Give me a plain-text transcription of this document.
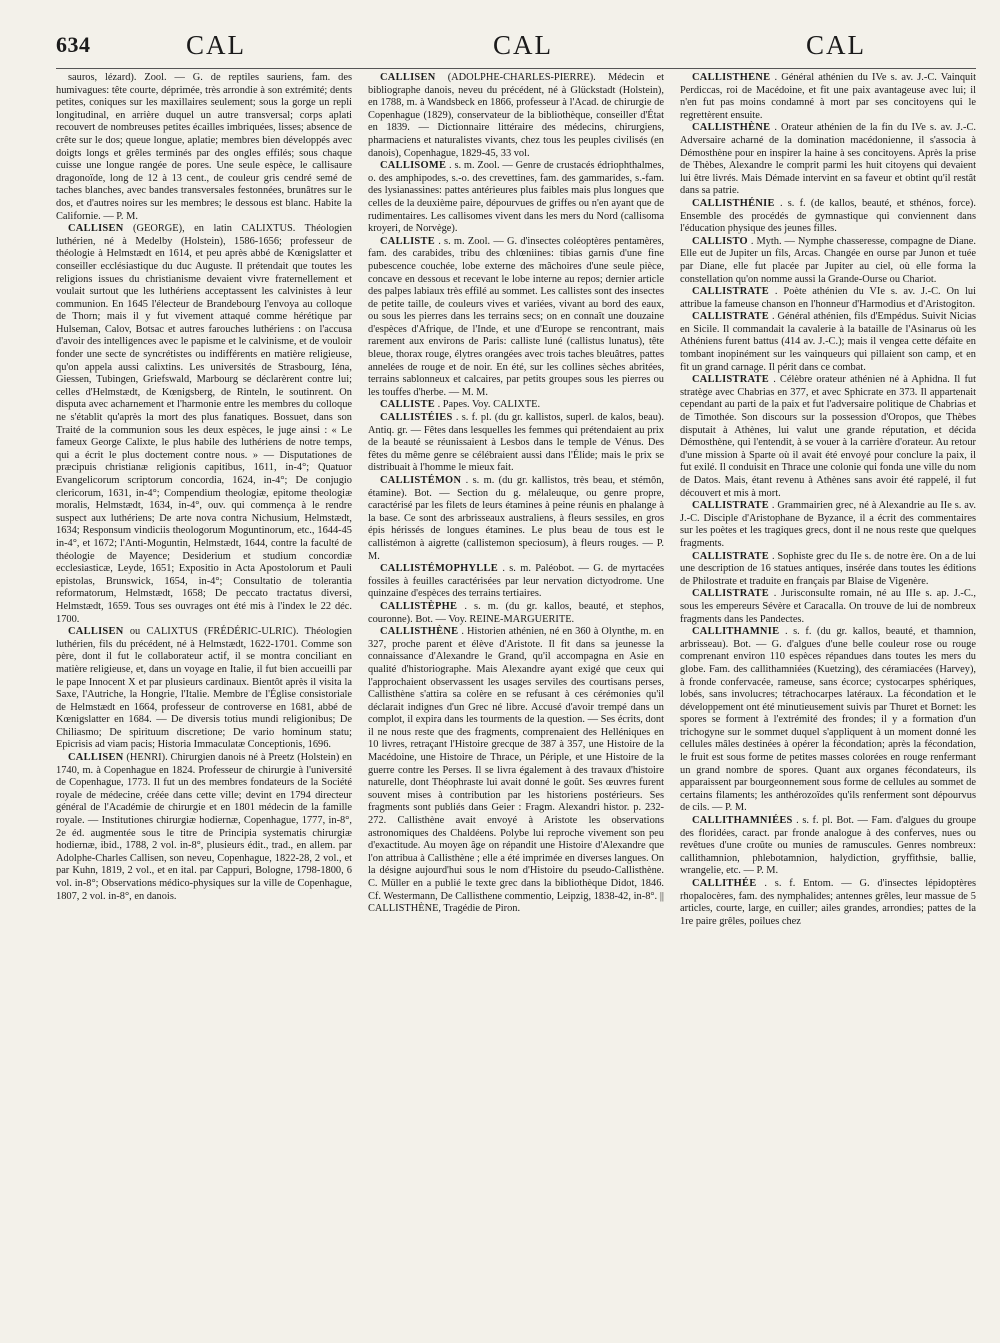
634	CAL	CAL	CAL

sauros, lézard). Zool. — G. de reptiles sauriens, fam. des humivagues: tête courte, déprimée, très arrondie à son extrémité; dents petites, coniques sur les maxillaires seulement; sous la gorge un repli longitudinal, en arrière duquel un autre transversal; corps aplati recouvert de nombreuses petites écailles imbriquées, lisses; absence de crête sur le dos; queue longue, aplatie; membres bien développés avec doigts longs et grêles terminés par des ongles effilés; sous chaque cuisse une longue rangée de pores. Une seule espèce, le callisaure dragonoïde, long de 12 à 13 cent., de couleur gris cendré semé de taches blanches, avec bandes transversales festonnées, brunâtres sur le dos, et d'autres noires sur les membres; le dessous est blanc. Habite la Californie. — P. M.

CALLISEN (GEORGE), en latin CALIXTUS. Théologien luthérien, né à Medelby (Holstein), 1586-1656; professeur de théologie à Helmstædt en 1614, et peu après abbé de Kœnigslatter et conseiller ecclésiastique du duc Auguste. Il prétendait que toutes les religions issues du christianisme devaient vivre fraternellement et voulait surtout que les luthériens acceptassent les calvinistes à leur communion. En 1645 l'électeur de Brandebourg l'envoya au colloque de Thorn; mais il y fut vivement attaqué comme hérétique par Hulseman, Calov, Botsac et autres farouches luthériens : on l'accusa d'avoir des intelligences avec le papisme et le calvinisme, et de vouloir fonder une secte de syncrétistes ou indifférents en matière religieuse, qu'on appela aussi calixtins. Les universités de Strasbourg, Iéna, Giessen, Tubingen, Griefswald, Marbourg se déclarèrent contre lui; celles d'Helmstædt, de Kœnigsberg, de Rinteln, le soutinrent. On disputa avec acharnement et l'harmonie entre les membres du colloque ne s'établit qu'après la mort des plus fanatiques. Bossuet, dans son Traité de la communion sous les deux espèces, le juge ainsi : « Le fameux George Calixte, le plus habile des luthériens de notre temps, qui a écrit le plus doctement contre nous. » — Disputationes de præcipuis christianæ religionis capitibus, 1611, in-4°; Quatuor Evangelicorum scriptorum concordia, 1624, in-4°; De conjugio clericorum, 1631, in-4°; Compendium theologiæ, epitome theologiæ moralis, Helmstædt, 1634, in-4°, ouv. qui commença à le rendre suspect aux luthériens; De arte nova contra Nichusium, Helmstædt, 1634; Responsum vindiciis theologorum Moguntinorum, etc., 1644-45 in-4°, et 1672; l'Anti-Moguntin, Helmstædt, 1644, contre la faculté de théologie de Mayence; Desiderium et studium concordiæ ecclesiasticæ, Leyde, 1651; Expositio in Acta Apostolorum et Pauli epistolas, Brunswick, 1654, in-4°; Consultatio de tolerantia reformatorum, Helmstædt, 1658; De peccato tractatus diversi, Helmstædt, 1659. Tous ses ouvrages ont été mis à l'index le 22 déc. 1700.

CALLISEN ou CALIXTUS (FRÉDÉRIC-ULRIC). Théologien luthérien, fils du précédent, né à Helmstædt, 1622-1701. Comme son père, dont il fut le collaborateur actif, il se montra conciliant en matière religieuse, et, dans un voyage en Italie, il fut bien accueilli par le pape Innocent X et par plusieurs cardinaux. Bientôt après il visita la Saxe, l'Autriche, la Hongrie, l'Italie. Membre de l'Église consistoriale de Helmstædt en 1664, professeur de controverse en 1681, abbé de Kœnigslatter en 1684. — De diversis totius mundi religionibus; De Chiliasmo; De spirituum discretione; De vario hominum statu; Epicrisis ad viam pacis; Historia Immaculatæ Conceptionis, 1696.

CALLISEN (HENRI). Chirurgien danois né à Preetz (Holstein) en 1740, m. à Copenhague en 1824. Professeur de chirurgie à l'université de Copenhague, 1773. Il fut un des membres fondateurs de la Société royale de médecine, créée dans cette ville; devint en 1794 directeur général de l'Académie de chirurgie et en 1801 médecin de la famille royale. — Institutiones chirurgiæ hodiernæ, Copenhague, 1777, in-8°, 2e éd. augmentée sous le titre de Principia systematis chirurgiæ hodiernæ, ibid., 1788, 2 vol. in-8°, plusieurs édit., trad., en allem. par Adolphe-Charles Callisen, son neveu, Copenhague, 1822-28, 2 vol., et par Kuhn, 1819, 2 vol., et en ital. par Cappuri, Bologne, 1798-1800, 6 vol. in-8°; Observations médico-physiques sur la ville de Copenhague, 1807, 2 vol. in-8°, en danois.

CALLISEN (ADOLPHE-CHARLES-PIERRE). Médecin et bibliographe danois, neveu du précédent, né à Glückstadt (Holstein), en 1788, m. à Wandsbeck en 1866, professeur à l'Acad. de chirurgie de Copenhague (1829), conservateur de la bibliothèque, conseiller d'État en 1839. — Dictionnaire littéraire des médecins, chirurgiens, pharmaciens et naturalistes vivants, chez tous les peuples civilisés (en danois), Copenhague, 1829-45, 33 vol.

CALLISOME . s. m. Zool. — Genre de crustacés édriophthalmes, o. des amphipodes, s.-o. des crevettines, fam. des gammarides, s.-fam. des lysianassines: pattes antérieures plus faibles mais plus longues que celles de la deuxième paire, dépourvues de griffes ou n'en ayant que de rudimentaires. Les callisomes vivent dans les mers du Nord (callisoma kroyeri, de Norvège).

CALLISTE . s. m. Zool. — G. d'insectes coléoptères pentamères, fam. des carabides, tribu des chlœniines: tibias garnis d'une fine pubescence couchée, lobe externe des mâchoires d'une seule pièce, concave en dessous et recevant le lobe interne au repos; dernier article des palpes labiaux très effilé au sommet. Les callistes sont des insectes de petite taille, de couleurs vives et variées, vivant au bord des eaux, ou sous les pierres dans les terrains secs; on en connaît une douzaine d'espèces d'Afrique, de l'Inde, et une d'Europe se rencontrant, mais rarement aux environs de Paris: calliste luné (callistus lunatus), tête bleue, thorax rouge, élytres orangées avec trois taches bleuâtres, pattes annelées de rouge et de noir. En été, sur les collines sèches abritées, terrains sablonneux et calcaires, par petits groupes sous les pierres ou les touffes d'herbe. — M. M.

CALLISTE . Papes. Voy. CALIXTE.

CALLISTÉIES . s. f. pl. (du gr. kallistos, superl. de kalos, beau). Antiq. gr. — Fêtes dans lesquelles les femmes qui prétendaient au prix de la beauté se réunissaient à Lesbos dans le temple de Vénus. Des fêtes du même genre se célébraient aussi dans l'Élide; mais le prix se distribuait à l'homme le mieux fait.

CALLISTÉMON . s. m. (du gr. kallistos, très beau, et stémôn, étamine). Bot. — Section du g. mélaleuque, ou genre propre, caractérisé par les filets de leurs étamines à peine réunis en phalange à la base. Ce sont des arbrisseaux australiens, à fleurs sessiles, en gros épis hérissés de longues étamines. Le plus beau de tous est le callistémon à aigrette (callistemon speciosum), à fleurs rouges. — P. M.

CALLISTÉMOPHYLLE . s. m. Paléobot. — G. de myrtacées fossiles à feuilles caractérisées par leur nervation dictyodrome. Une quinzaine d'espèces des terrains tertiaires.

CALLISTÈPHE . s. m. (du gr. kallos, beauté, et stephos, couronne). Bot. — Voy. REINE-MARGUERITE.

CALLISTHÈNE . Historien athénien, né en 360 à Olynthe, m. en 327, proche parent et élève d'Aristote. Il fit dans sa jeunesse la connaissance d'Alexandre le Grand, qu'il accompagna en Asie en qualité d'historiographe. Mais Alexandre ayant exigé que ceux qui l'approchaient observassent les usages serviles des courtisans perses, Callisthène s'attira sa colère en se refusant à ces cérémonies qu'il déclarait indignes d'un Grec né libre. Accusé d'avoir trempé dans un complot, il expira dans les tourments de la question. — Ses écrits, dont il ne nous reste que des fragments, comprenaient des Helléniques en 10 livres, retraçant l'Histoire grecque de 387 à 357, une Histoire de la Macédoine, une Histoire de Thrace, un Périple, et une Histoire de la guerre contre les Perses. Il se livra également à des travaux d'histoire naturelle, dont Théophraste lui avait donné le goût. Ses œuvres furent souvent mises à contribution par les historiens postérieurs. Ses fragments sont publiés dans Geier : Fragm. Alexandri histor. p. 232-272. Callisthène avait envoyé à Aristote les observations astronomiques des Chaldéens. Polybe lui reproche vivement son peu d'exactitude. Au moyen âge on répandit une Histoire d'Alexandre que l'on attribua à Callisthène ; elle a été imprimée en diverses langues. On la désigne aujourd'hui sous le nom d'Histoire du pseudo-Callisthène. C. Müller en a publié le texte grec dans la bibliothèque Didot, 1846. Cf. Westermann, De Callisthene commentio, Leipzig, 1838-42, in-8°. || CALLISTHÈNE, Tragédie de Piron.

CALLISTHÈNE . Général athénien du IVe s. av. J.-C. Vainquit Perdiccas, roi de Macédoine, et fit une paix avantageuse avec lui; il n'en fut pas moins condamné à mort par ses concitoyens qui le regrettèrent ensuite.

CALLISTHÈNE . Orateur athénien de la fin du IVe s. av. J.-C. Adversaire acharné de la domination macédonienne, il s'associa à Démosthène pour en inspirer la haine à ses concitoyens. Après la prise de Thèbes, Alexandre le comprit parmi les huit citoyens qui devaient lui être livrés. Mais Démade intervint en sa faveur et obtint qu'il restât dans sa patrie.

CALLISTHÉNIE . s. f. (de kallos, beauté, et sthénos, force). Ensemble des procédés de gymnastique qui conviennent dans l'éducation physique des jeunes filles.

CALLISTO . Myth. — Nymphe chasseresse, compagne de Diane. Elle eut de Jupiter un fils, Arcas. Changée en ourse par Junon et tuée par Diane, elle fut placée par Jupiter au ciel, où elle forma la constellation qu'on nomme aussi la Grande-Ourse ou Chariot.

CALLISTRATE . Poète athénien du VIe s. av. J.-C. On lui attribue la fameuse chanson en l'honneur d'Harmodius et d'Aristogiton.

CALLISTRATE . Général athénien, fils d'Empédus. Suivit Nicias en Sicile. Il commandait la cavalerie à la bataille de l'Asinarus où les Athéniens furent battus (414 av. J.-C.); mais il vengea cette défaite en tombant inopinément sur les vainqueurs qui pillaient son camp, et en fit un grand carnage. Il périt dans ce combat.

CALLISTRATE . Célèbre orateur athénien né à Aphidna. Il fut stratège avec Chabrias en 377, et avec Sphicrate en 373. Il appartenait cependant au parti de la paix et fut l'adversaire politique de Chabrias et de Timothée. Son discours sur la possession d'Oropos, que Thèbes disputait à Athènes, lui valut une grande réputation, et décida Démosthène, qui l'entendit, à se vouer à la carrière d'orateur. Au retour d'une mission à Sparte où il avait été envoyé pour conclure la paix, il fut exilé. Il conduisit en Thrace une colonie qui fonda une ville du nom de Datos. Mais, étant revenu à Athènes sans avoir été rappelé, il fut découvert et mis à mort.

CALLISTRATE . Grammairien grec, né à Alexandrie au IIe s. av. J.-C. Disciple d'Aristophane de Byzance, il a écrit des commentaires sur les poètes et les tragiques grecs, dont il ne nous reste que quelques fragments.

CALLISTRATE . Sophiste grec du IIe s. de notre ère. On a de lui une description de 16 statues antiques, insérée dans toutes les éditions de Philostrate et traduite en français par Blaise de Vigenère.

CALLISTRATE . Jurisconsulte romain, né au IIIe s. ap. J.-C., sous les empereurs Sévère et Caracalla. On trouve de lui de nombreux fragments dans les Pandectes.

CALLITHAMNIE . s. f. (du gr. kallos, beauté, et thamnion, arbrisseau). Bot. — G. d'algues d'une belle couleur rose ou rouge comprenant environ 110 espèces répandues dans toutes les mers du globe. Fam. des callithamniées (Kuetzing), des céramiacées (Harvey), à fronde confervacée, rameuse, sans écorce; cystocarpes sphériques, lobés, sans involucres; tétrachocarpes latéraux. La fécondation et le développement ont été minutieusement suivis par Thuret et Bornet: les spores se forment à l'extrémité des frondes; il y a formation d'un trichogyne sur le sommet duquel s'appliquent à un moment donné les cellules mâles destinées à opérer la fécondation; après la fécondation, le fruit est sous forme de petites masses colorées en rouge renfermant un grand nombre de spores. Quant aux organes fécondateurs, ils apparaissent par bourgeonnement sous forme de cellules au sommet de certains filaments; les anthérozoïdes qu'ils renferment sont dépourvus de cils. — P. M.

CALLITHAMNIÉES . s. f. pl. Bot. — Fam. d'algues du groupe des floridées, caract. par fronde analogue à des conferves, nues ou revêtues d'une croûte ou munies de ramuscules. Genres nombreux: callithamnion, phlebotamnion, halydiction, gryffithsie, ballie, wrangelie, etc. — P. M.

CALLITHÉE . s. f. Entom. — G. d'insectes lépidoptères rhopalocères, fam. des nymphalides; antennes grêles, leur massue de 5 articles, courte, large, en cuiller; ailes grandes, arrondies; pattes de la 1re paire grêles, poilues chez
